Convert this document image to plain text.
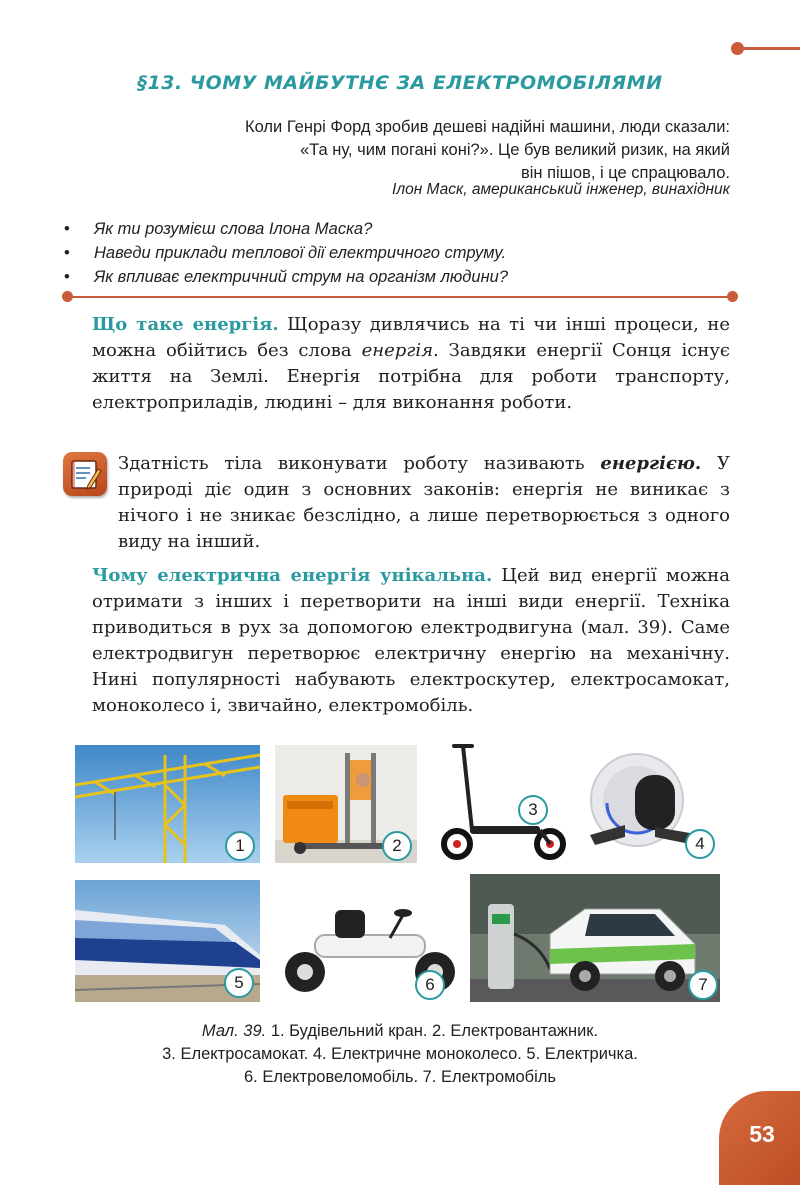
§13. ЧОМУ МАЙБУТНЄ ЗА ЕЛЕКТРОМОБІЛЯМИ
Коли Генрі Форд зробив дешеві надійні машини, люди сказали:
«Та ну, чим погані коні?». Це був великий ризик, на який
він пішов, і це спрацювало.
Ілон Маск, американський інженер, винахідник
• Як ти розумієш слова Ілона Маска?
• Наведи приклади теплової дії електричного струму.
• Як впливає електричний струм на організм людини?

Що таке енергія. Щоразу дивлячись на ті чи інші процеси, не можна обійтись без слова енергія. Завдяки енергії Сонця існує життя на Землі. Енергія потрібна для роботи транспорту, електроприладів, людині – для виконання роботи.

Здатність тіла виконувати роботу називають енергією. У природі діє один з основних законів: енергія не виникає з нічого і не зникає безслідно, а лише перетворюється з одного виду на інший.

Чому електрична енергія унікальна. Цей вид енергії можна отримати з інших і перетворити на інші види енергії. Техніка приводиться в рух за допомогою електродвигуна (мал. 39). Саме електродвигун перетворює електричну енергію на механічну. Нині популярності набувають електроскутер, електросамокат, моноколесо і, звичайно, електромобіль.

1	2
3
4
5	6	7
Мал. 39. 1. Будівельний кран. 2. Електровантажник.
3. Електросамокат. 4. Електричне моноколесо. 5. Електричка.
6. Електровеломобіль. 7. Електромобіль
53
